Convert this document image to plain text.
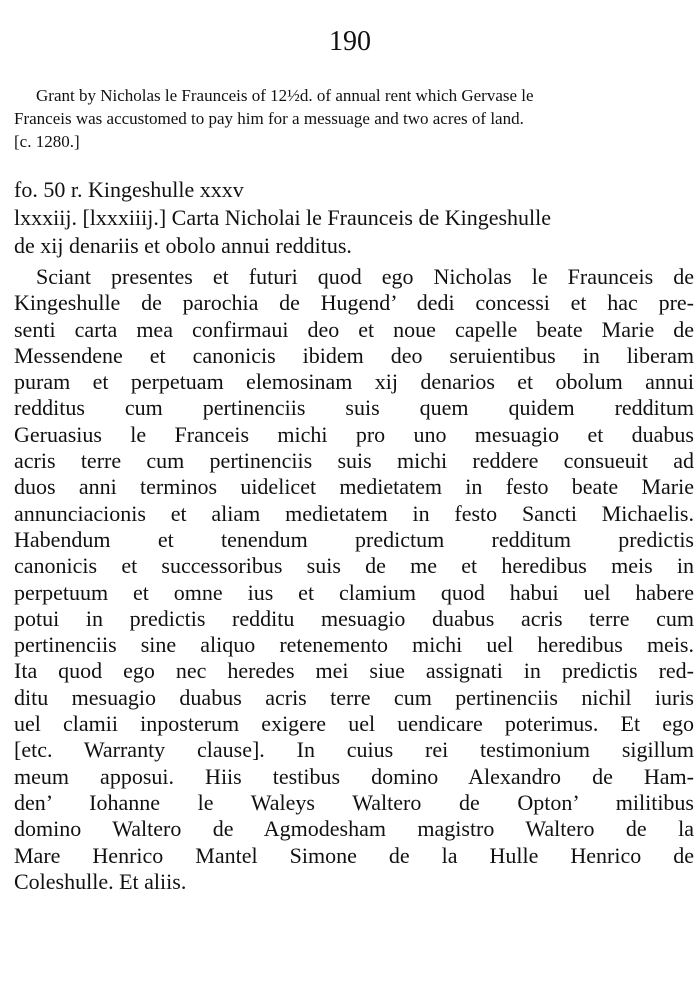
190

Grant by Nicholas le Fraunceis of 12½d. of annual rent which Gervase le

Franceis was accustomed to pay him for a messuage and two acres of land.

[c. 1280.]

fo. 50 r. Kingeshulle xxxv

lxxxiij. [lxxxiiij.] Carta Nicholai le Fraunceis de Kingeshulle

de xij denariis et obolo annui redditus.

Sciant presentes et futuri quod ego Nicholas le Fraunceis de
Kingeshulle de parochia de Hugend’ dedi concessi et hac pre-
senti carta mea confirmaui deo et noue capelle beate Marie de
Messendene et canonicis ibidem deo seruientibus in liberam
puram et perpetuam elemosinam xij denarios et obolum annui
redditus cum pertinenciis suis quem quidem redditum
Geruasius le Franceis michi pro uno mesuagio et duabus
acris terre cum pertinenciis suis michi reddere consueuit ad
duos anni terminos uidelicet medietatem in festo beate Marie
annunciacionis et aliam medietatem in festo Sancti Michaelis.
Habendum et tenendum predictum redditum predictis
canonicis et successoribus suis de me et heredibus meis in
perpetuum et omne ius et clamium quod habui uel habere
potui in predictis redditu mesuagio duabus acris terre cum
pertinenciis sine aliquo retenemento michi uel heredibus meis.
Ita quod ego nec heredes mei siue assignati in predictis red-
ditu mesuagio duabus acris terre cum pertinenciis nichil iuris
uel clamii inposterum exigere uel uendicare poterimus. Et ego
[etc. Warranty clause]. In cuius rei testimonium sigillum
meum apposui. Hiis testibus domino Alexandro de Ham-
den’ Iohanne le Waleys Waltero de Opton’ militibus
domino Waltero de Agmodesham magistro Waltero de la
Mare Henrico Mantel Simone de la Hulle Henrico de
Coleshulle. Et aliis.
